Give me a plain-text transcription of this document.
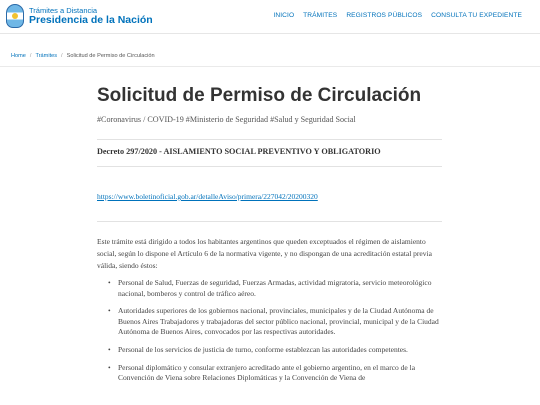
Trámites a Distancia
Presidencia de la Nación	INICIO TRÁMITES REGISTROS PÚBLICOS CONSULTA TU EXPEDIENTE
Home / Trámites / Solicitud de Permiso de Circulación
Solicitud de Permiso de Circulación
#Coronavirus / COVID-19 #Ministerio de Seguridad #Salud y Seguridad Social
Decreto 297/2020 - AISLAMIENTO SOCIAL PREVENTIVO Y OBLIGATORIO
https://www.boletinoficial.gob.ar/detalleAviso/primera/227042/20200320

Este trámite está dirigido a todos los habitantes argentinos que queden exceptuados el régimen de aislamiento social, según lo dispone el Artículo 6 de la normativa vigente, y no dispongan de una acreditación estatal previa válida, siendo éstos:

• Personal de Salud, Fuerzas de seguridad, Fuerzas Armadas, actividad migratoria, servicio meteorológico nacional, bomberos y control de tráfico aéreo.
• Autoridades superiores de los gobiernos nacional, provinciales, municipales y de la Ciudad Autónoma de Buenos Aires Trabajadores y trabajadoras del sector público nacional, provincial, municipal y de la Ciudad Autónoma de Buenos Aires, convocados por las respectivas autoridades.
• Personal de los servicios de justicia de turno, conforme establezcan las autoridades competentes.
• Personal diplomático y consular extranjero acreditado ante el gobierno argentino, en el marco de la Convención de Viena sobre Relaciones Diplomáticas y la Convención de Viena de
